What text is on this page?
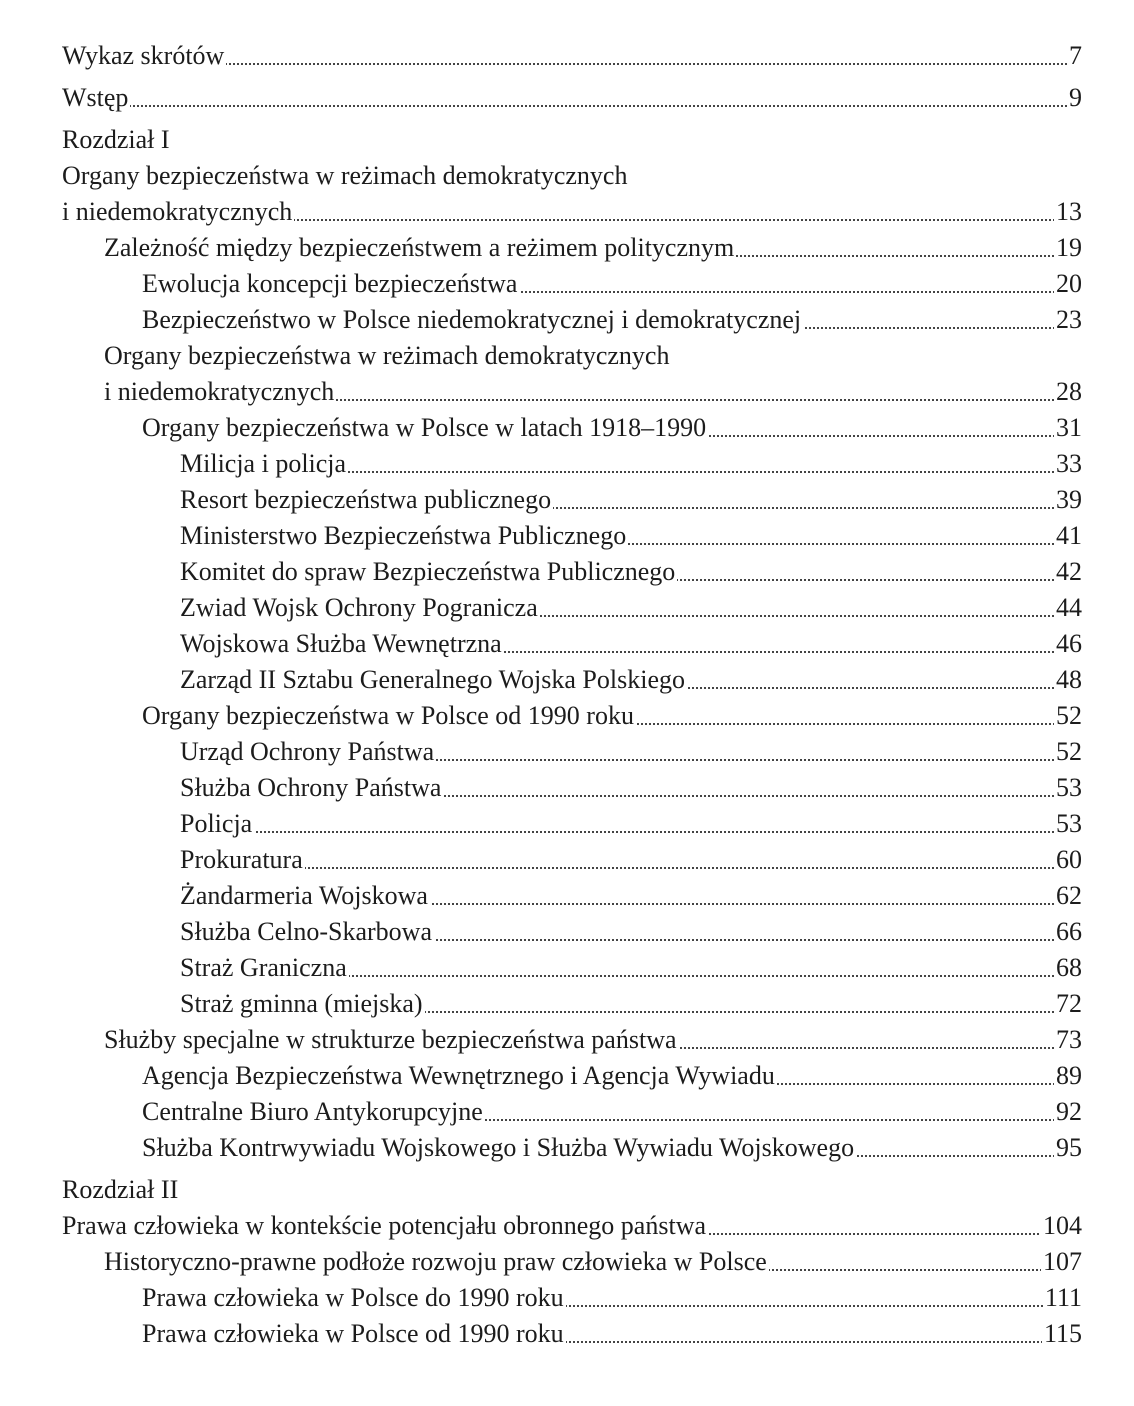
Wykaz skrótów	7
Wstęp	9
Rozdział I
Organy bezpieczeństwa w reżimach demokratycznych
i niedemokratycznych	13
Zależność między bezpieczeństwem a reżimem politycznym	19
Ewolucja koncepcji bezpieczeństwa	20
Bezpieczeństwo w Polsce niedemokratycznej i demokratycznej	23
Organy bezpieczeństwa w reżimach demokratycznych
i niedemokratycznych	28
Organy bezpieczeństwa w Polsce w latach 1918–1990	31
Milicja i policja	33
Resort bezpieczeństwa publicznego	39
Ministerstwo Bezpieczeństwa Publicznego	41
Komitet do spraw Bezpieczeństwa Publicznego	42
Zwiad Wojsk Ochrony Pogranicza	44
Wojskowa Służba Wewnętrzna	46
Zarząd II Sztabu Generalnego Wojska Polskiego	48
Organy bezpieczeństwa w Polsce od 1990 roku	52
Urząd Ochrony Państwa	52
Służba Ochrony Państwa	53
Policja	53
Prokuratura	60
Żandarmeria Wojskowa	62
Służba Celno-Skarbowa	66
Straż Graniczna	68
Straż gminna (miejska)	72
Służby specjalne w strukturze bezpieczeństwa państwa	73
Agencja Bezpieczeństwa Wewnętrznego i Agencja Wywiadu	89
Centralne Biuro Antykorupcyjne	92
Służba Kontrwywiadu Wojskowego i Służba Wywiadu Wojskowego	95
Rozdział II
Prawa człowieka w kontekście potencjału obronnego państwa	104
Historyczno-prawne podłoże rozwoju praw człowieka w Polsce	107
Prawa człowieka w Polsce do 1990 roku	111
Prawa człowieka w Polsce od 1990 roku	115
